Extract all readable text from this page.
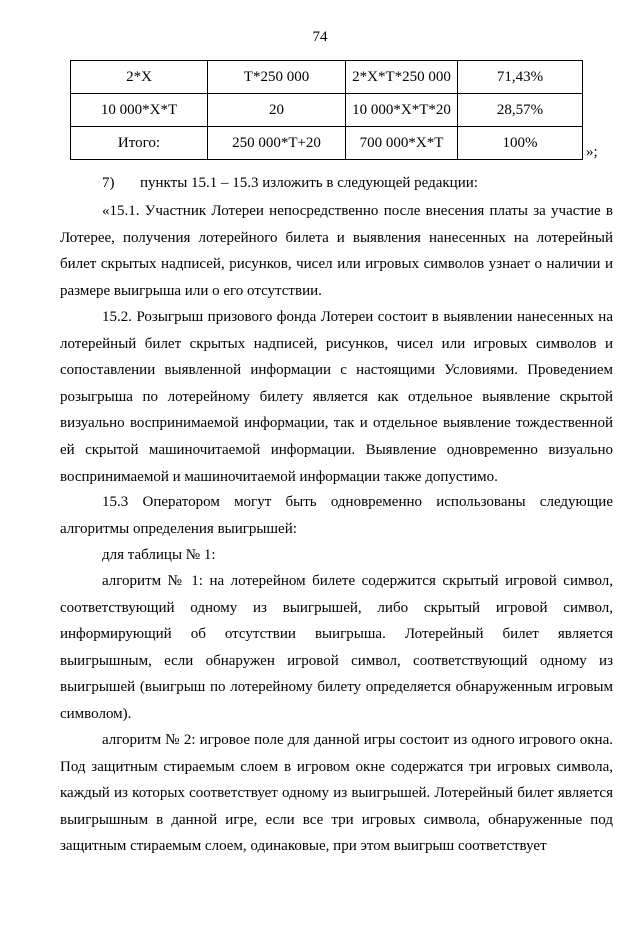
74
2*X	T*250 000	2*X*T*250 000	71,43%	
10 000*X*T	20	10 000*X*T*20	28,57%	
Итого:	250 000*T+20	700 000*X*T	100%	»;
7) пункты 15.1 – 15.3 изложить в следующей редакции:

«15.1. Участник Лотереи непосредственно после внесения платы за участие в Лотерее, получения лотерейного билета и выявления нанесенных на лотерейный билет скрытых надписей, рисунков, чисел или игровых символов узнает о наличии и размере выигрыша или о его отсутствии.

15.2. Розыгрыш призового фонда Лотереи состоит в выявлении нанесенных на лотерейный билет скрытых надписей, рисунков, чисел или игровых символов и сопоставлении выявленной информации с настоящими Условиями. Проведением розыгрыша по лотерейному билету является как отдельное выявление скрытой визуально воспринимаемой информации, так и отдельное выявление тождественной ей скрытой машиночитаемой информации. Выявление одновременно визуально воспринимаемой и машиночитаемой информации также допустимо.

15.3 Оператором могут быть одновременно использованы следующие алгоритмы определения выигрышей:

для таблицы № 1:

алгоритм № 1: на лотерейном билете содержится скрытый игровой символ, соответствующий одному из выигрышей, либо скрытый игровой символ, информирующий об отсутствии выигрыша. Лотерейный билет является выигрышным, если обнаружен игровой символ, соответствующий одному из выигрышей (выигрыш по лотерейному билету определяется обнаруженным игровым символом).

алгоритм № 2: игровое поле для данной игры состоит из одного игрового окна. Под защитным стираемым слоем в игровом окне содержатся три игровых символа, каждый из которых соответствует одному из выигрышей. Лотерейный билет является выигрышным в данной игре, если все три игровых символа, обнаруженные под защитным стираемым слоем, одинаковые, при этом выигрыш соответствует
